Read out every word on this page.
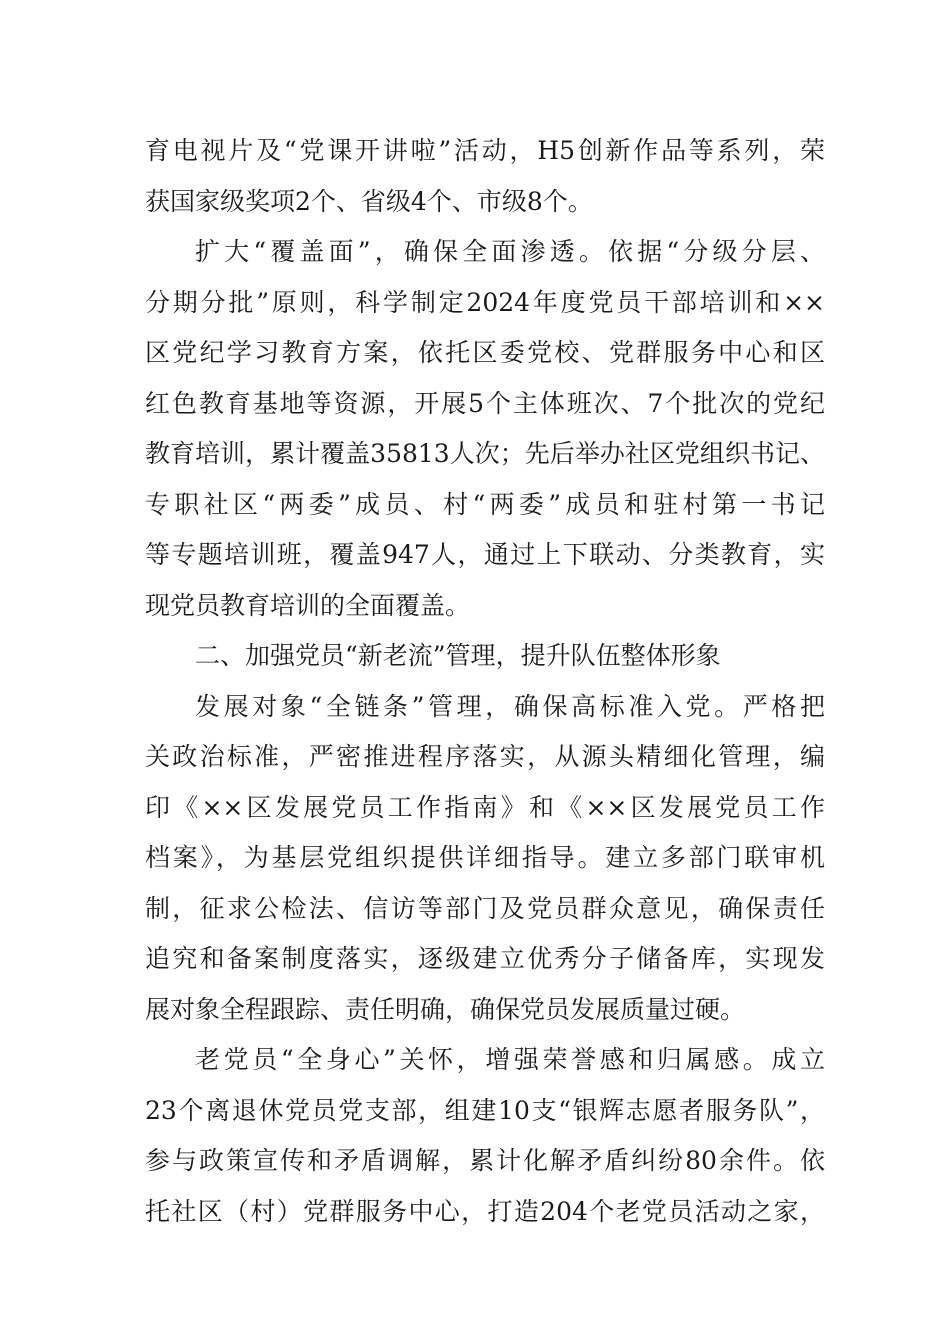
育电视片及“党课开讲啦”活动，H5创新作品等系列，荣
获国家级奖项2个、省级4个、市级8个。
扩大“覆盖面”，确保全面渗透。依据“分级分层、
分期分批”原则，科学制定2024年度党员干部培训和××
区党纪学习教育方案，依托区委党校、党群服务中心和区
红色教育基地等资源，开展5个主体班次、7个批次的党纪
教育培训，累计覆盖35813人次；先后举办社区党组织书记、
专职社区“两委”成员、村“两委”成员和驻村第一书记
等专题培训班，覆盖947人，通过上下联动、分类教育，实
现党员教育培训的全面覆盖。
二、加强党员“新老流”管理，提升队伍整体形象
发展对象“全链条”管理，确保高标准入党。严格把
关政治标准，严密推进程序落实，从源头精细化管理，编
印《××区发展党员工作指南》和《××区发展党员工作
档案》，为基层党组织提供详细指导。建立多部门联审机
制，征求公检法、信访等部门及党员群众意见，确保责任
追究和备案制度落实，逐级建立优秀分子储备库，实现发
展对象全程跟踪、责任明确，确保党员发展质量过硬。
老党员“全身心”关怀，增强荣誉感和归属感。成立
23个离退休党员党支部，组建10支“银辉志愿者服务队”，
参与政策宣传和矛盾调解，累计化解矛盾纠纷80余件。依
托社区（村）党群服务中心，打造204个老党员活动之家，
